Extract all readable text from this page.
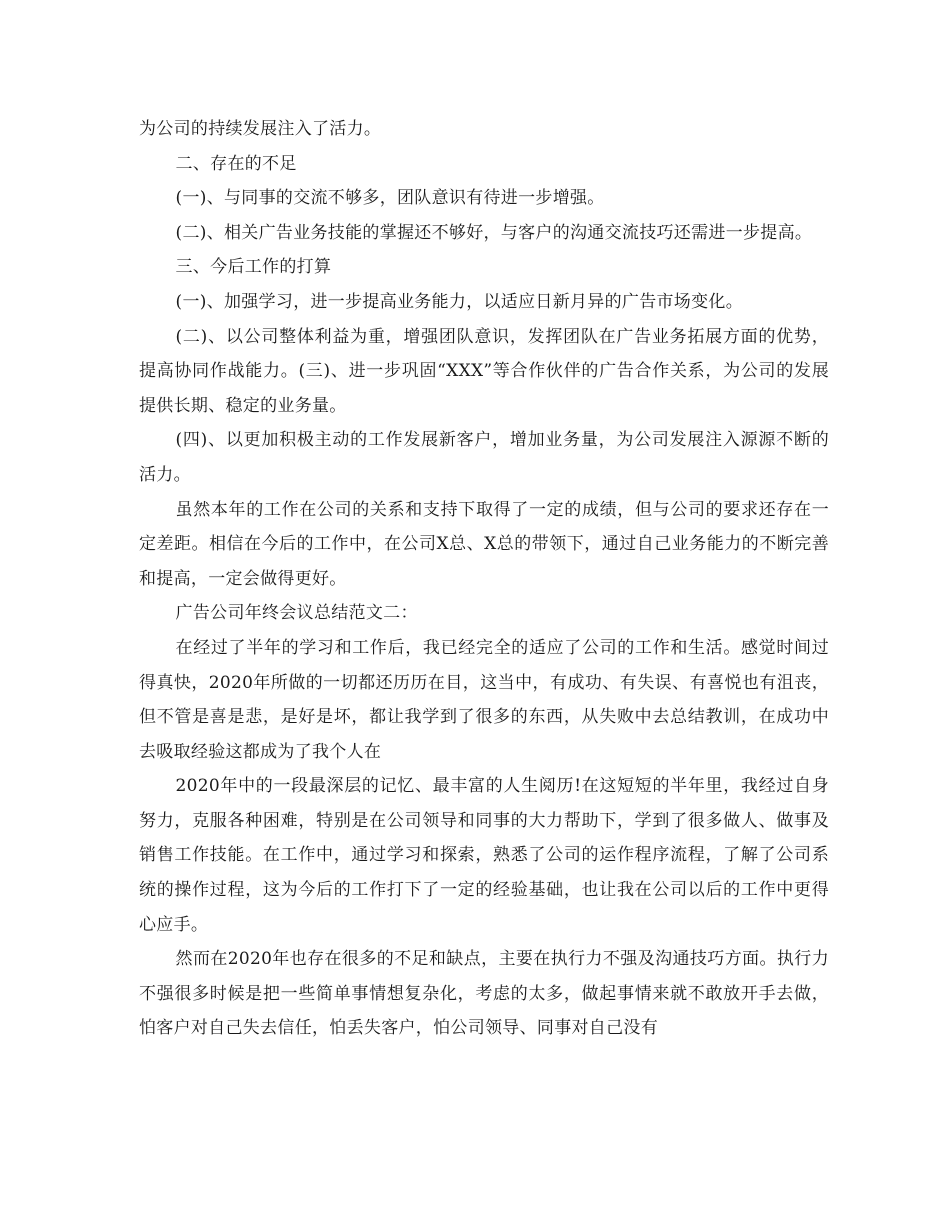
为公司的持续发展注入了活力。

二、存在的不足

(一)、与同事的交流不够多，团队意识有待进一步增强。

(二)、相关广告业务技能的掌握还不够好，与客户的沟通交流技巧还需进一步提高。

三、今后工作的打算

(一)、加强学习，进一步提高业务能力，以适应日新月异的广告市场变化。

(二)、以公司整体利益为重，增强团队意识，发挥团队在广告业务拓展方面的优势，提高协同作战能力。(三)、进一步巩固“XXX”等合作伙伴的广告合作关系，为公司的发展提供长期、稳定的业务量。

(四)、以更加积极主动的工作发展新客户，增加业务量，为公司发展注入源源不断的活力。

虽然本年的工作在公司的关系和支持下取得了一定的成绩，但与公司的要求还存在一定差距。相信在今后的工作中，在公司X总、X总的带领下，通过自己业务能力的不断完善和提高，一定会做得更好。

广告公司年终会议总结范文二：

在经过了半年的学习和工作后，我已经完全的适应了公司的工作和生活。感觉时间过得真快，2020年所做的一切都还历历在目，这当中，有成功、有失误、有喜悦也有沮丧，但不管是喜是悲，是好是坏，都让我学到了很多的东西，从失败中去总结教训，在成功中去吸取经验这都成为了我个人在

2020年中的一段最深层的记忆、最丰富的人生阅历!在这短短的半年里，我经过自身努力，克服各种困难，特别是在公司领导和同事的大力帮助下，学到了很多做人、做事及销售工作技能。在工作中，通过学习和探索，熟悉了公司的运作程序流程，了解了公司系统的操作过程，这为今后的工作打下了一定的经验基础，也让我在公司以后的工作中更得心应手。

然而在2020年也存在很多的不足和缺点，主要在执行力不强及沟通技巧方面。执行力不强很多时候是把一些简单事情想复杂化，考虑的太多，做起事情来就不敢放开手去做，怕客户对自己失去信任，怕丢失客户，怕公司领导、同事对自己没有
